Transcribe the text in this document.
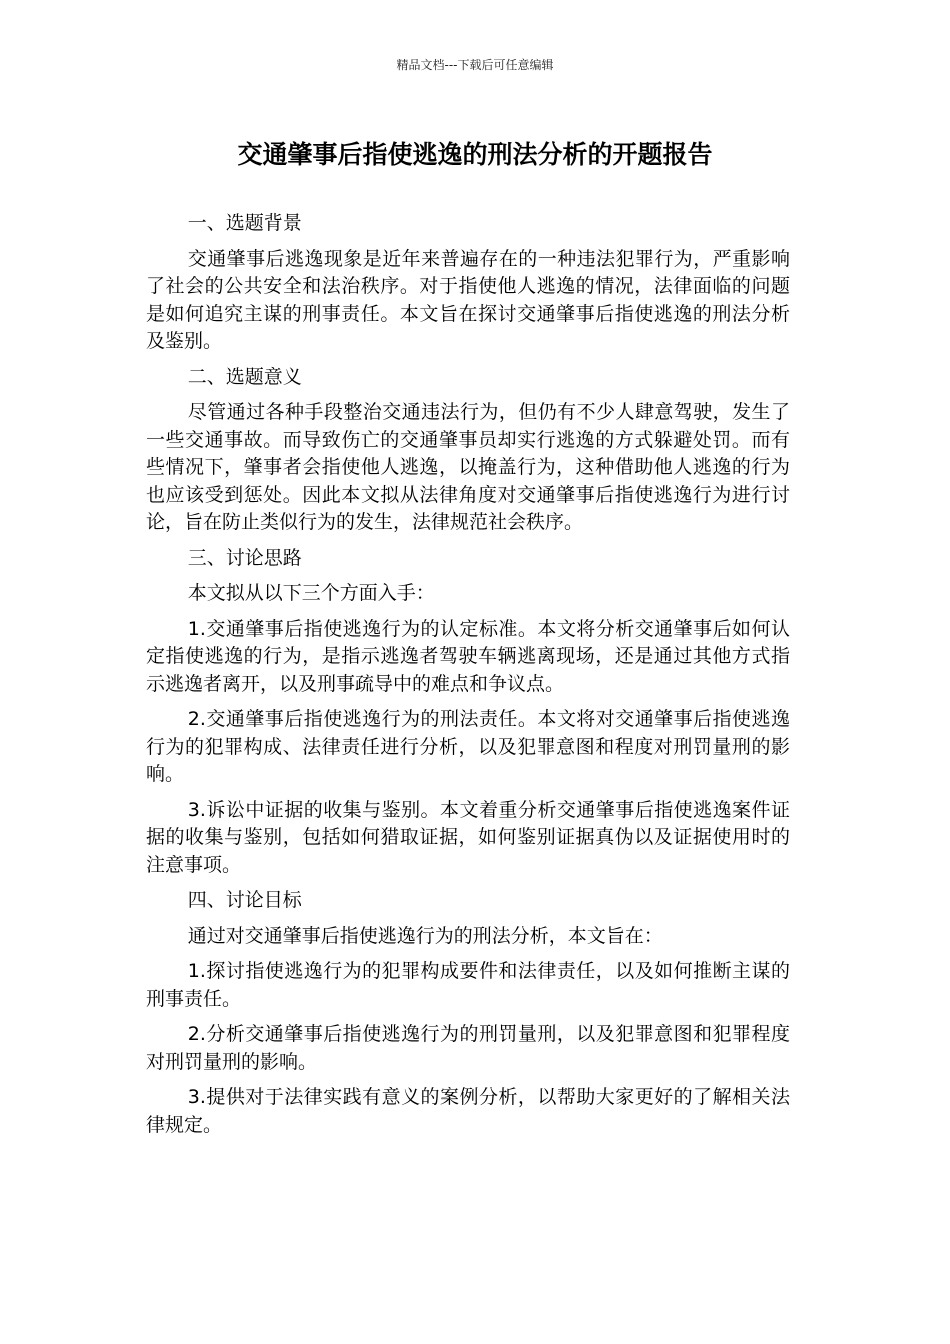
精品文档---下载后可任意编辑
交通肇事后指使逃逸的刑法分析的开题报告

一、选题背景

交通肇事后逃逸现象是近年来普遍存在的一种违法犯罪行为，严重影响了社会的公共安全和法治秩序。对于指使他人逃逸的情况，法律面临的问题是如何追究主谋的刑事责任。本文旨在探讨交通肇事后指使逃逸的刑法分析及鉴别。

二、选题意义

尽管通过各种手段整治交通违法行为，但仍有不少人肆意驾驶，发生了一些交通事故。而导致伤亡的交通肇事员却实行逃逸的方式躲避处罚。而有些情况下，肇事者会指使他人逃逸，以掩盖行为，这种借助他人逃逸的行为也应该受到惩处。因此本文拟从法律角度对交通肇事后指使逃逸行为进行讨论，旨在防止类似行为的发生，法律规范社会秩序。

三、讨论思路

本文拟从以下三个方面入手：

1.交通肇事后指使逃逸行为的认定标准。本文将分析交通肇事后如何认定指使逃逸的行为，是指示逃逸者驾驶车辆逃离现场，还是通过其他方式指示逃逸者离开，以及刑事疏导中的难点和争议点。

2.交通肇事后指使逃逸行为的刑法责任。本文将对交通肇事后指使逃逸行为的犯罪构成、法律责任进行分析，以及犯罪意图和程度对刑罚量刑的影响。

3.诉讼中证据的收集与鉴别。本文着重分析交通肇事后指使逃逸案件证据的收集与鉴别，包括如何猎取证据，如何鉴别证据真伪以及证据使用时的注意事项。

四、讨论目标

通过对交通肇事后指使逃逸行为的刑法分析，本文旨在：

1.探讨指使逃逸行为的犯罪构成要件和法律责任，以及如何推断主谋的刑事责任。

2.分析交通肇事后指使逃逸行为的刑罚量刑，以及犯罪意图和犯罪程度对刑罚量刑的影响。

3.提供对于法律实践有意义的案例分析，以帮助大家更好的了解相关法律规定。
